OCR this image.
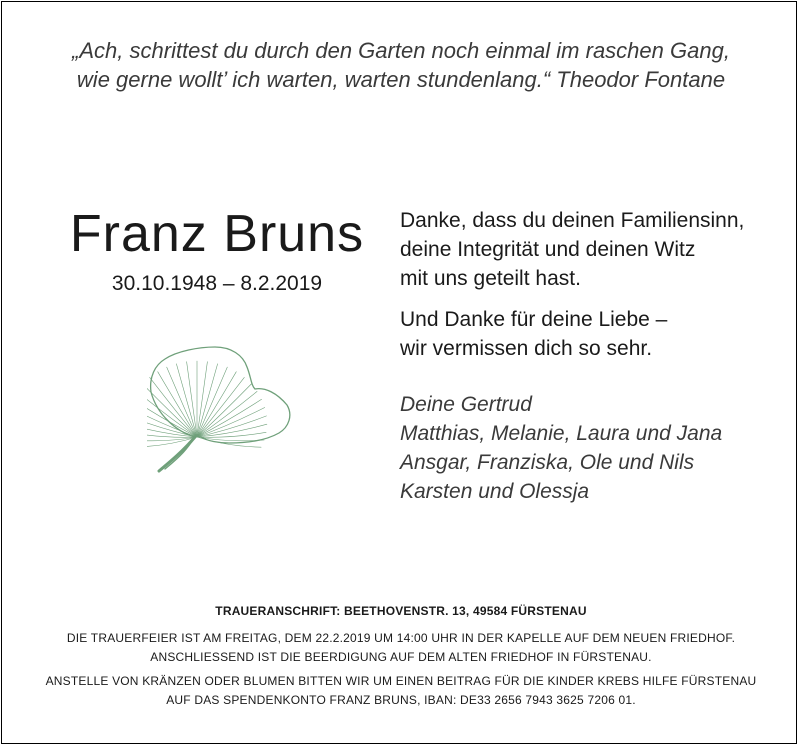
„Ach, schrittest du durch den Garten noch einmal im raschen Gang,
wie gerne wollt’ ich warten, warten stundenlang.“ Theodor Fontane
Franz Bruns
30.10.1948 – 8.2.2019

Danke, dass du deinen Familiensinn,
deine Integrität und deinen Witz
mit uns geteilt hast.

Und Danke für deine Liebe –
wir vermissen dich so sehr.

Deine Gertrud
Matthias, Melanie, Laura und Jana
Ansgar, Franziska, Ole und Nils
Karsten und Olessja
TRAUERANSCHRIFT: BEETHOVENSTR. 13, 49584 FÜRSTENAU
DIE TRAUERFEIER IST AM FREITAG, DEM 22.2.2019 UM 14:00 UHR IN DER KAPELLE AUF DEM NEUEN FRIEDHOF.
ANSCHLIESSEND IST DIE BEERDIGUNG AUF DEM ALTEN FRIEDHOF IN FÜRSTENAU.
ANSTELLE VON KRÄNZEN ODER BLUMEN BITTEN WIR UM EINEN BEITRAG FÜR DIE KINDER KREBS HILFE FÜRSTENAU
AUF DAS SPENDENKONTO FRANZ BRUNS, IBAN: DE33 2656 7943 3625 7206 01.
